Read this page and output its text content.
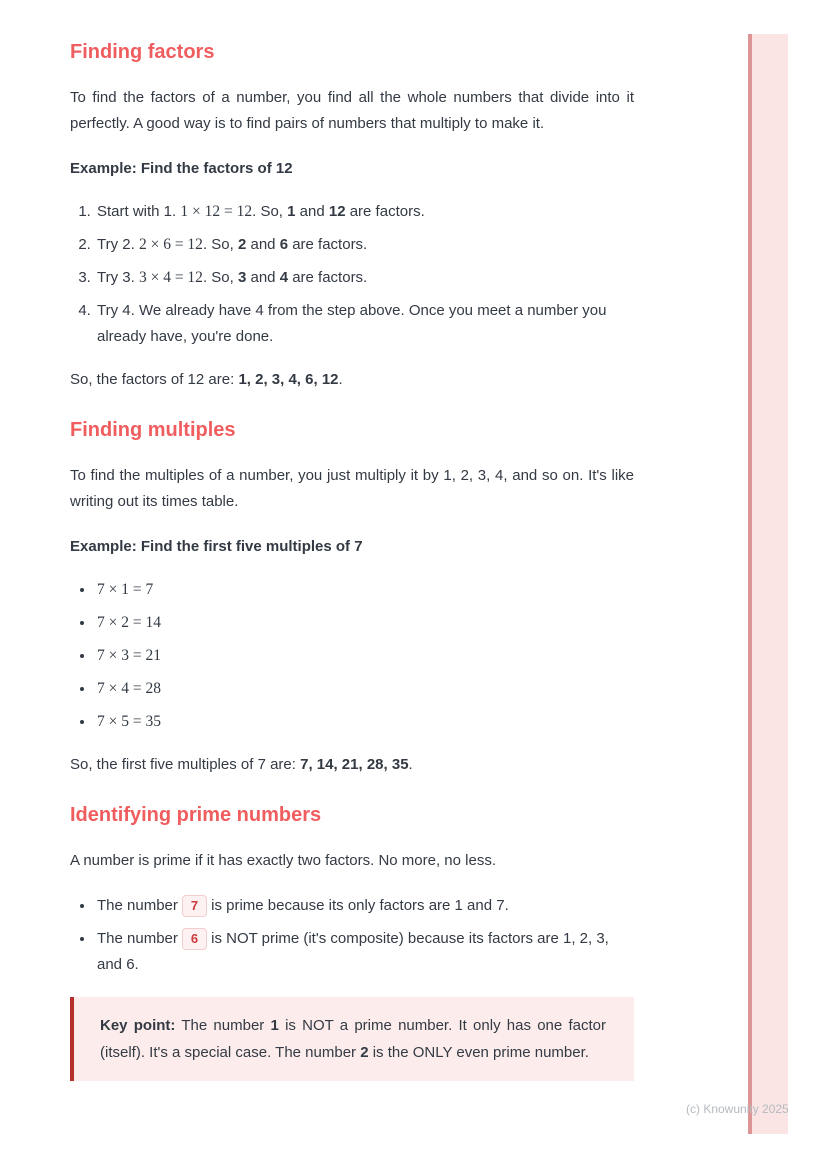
Finding factors

To find the factors of a number, you find all the whole numbers that divide into it perfectly. A good way is to find pairs of numbers that multiply to make it.

Example: Find the factors of 12

1. Start with 1. 1 × 12 = 12. So, 1 and 12 are factors.
2. Try 2. 2 × 6 = 12. So, 2 and 6 are factors.
3. Try 3. 3 × 4 = 12. So, 3 and 4 are factors.
4. Try 4. We already have 4 from the step above. Once you meet a number you already have, you're done.

So, the factors of 12 are: 1, 2, 3, 4, 6, 12.

Finding multiples

To find the multiples of a number, you just multiply it by 1, 2, 3, 4, and so on. It's like writing out its times table.

Example: Find the first five multiples of 7

• 7 × 1 = 7
• 7 × 2 = 14
• 7 × 3 = 21
• 7 × 4 = 28
• 7 × 5 = 35

So, the first five multiples of 7 are: 7, 14, 21, 28, 35.

Identifying prime numbers

A number is prime if it has exactly two factors. No more, no less.

• The number 7 is prime because its only factors are 1 and 7.
• The number 6 is NOT prime (it's composite) because its factors are 1, 2, 3, and 6.
Key point: The number 1 is NOT a prime number. It only has one factor (itself). It's a special case. The number 2 is the ONLY even prime number.
(c) Knowunity 2025
